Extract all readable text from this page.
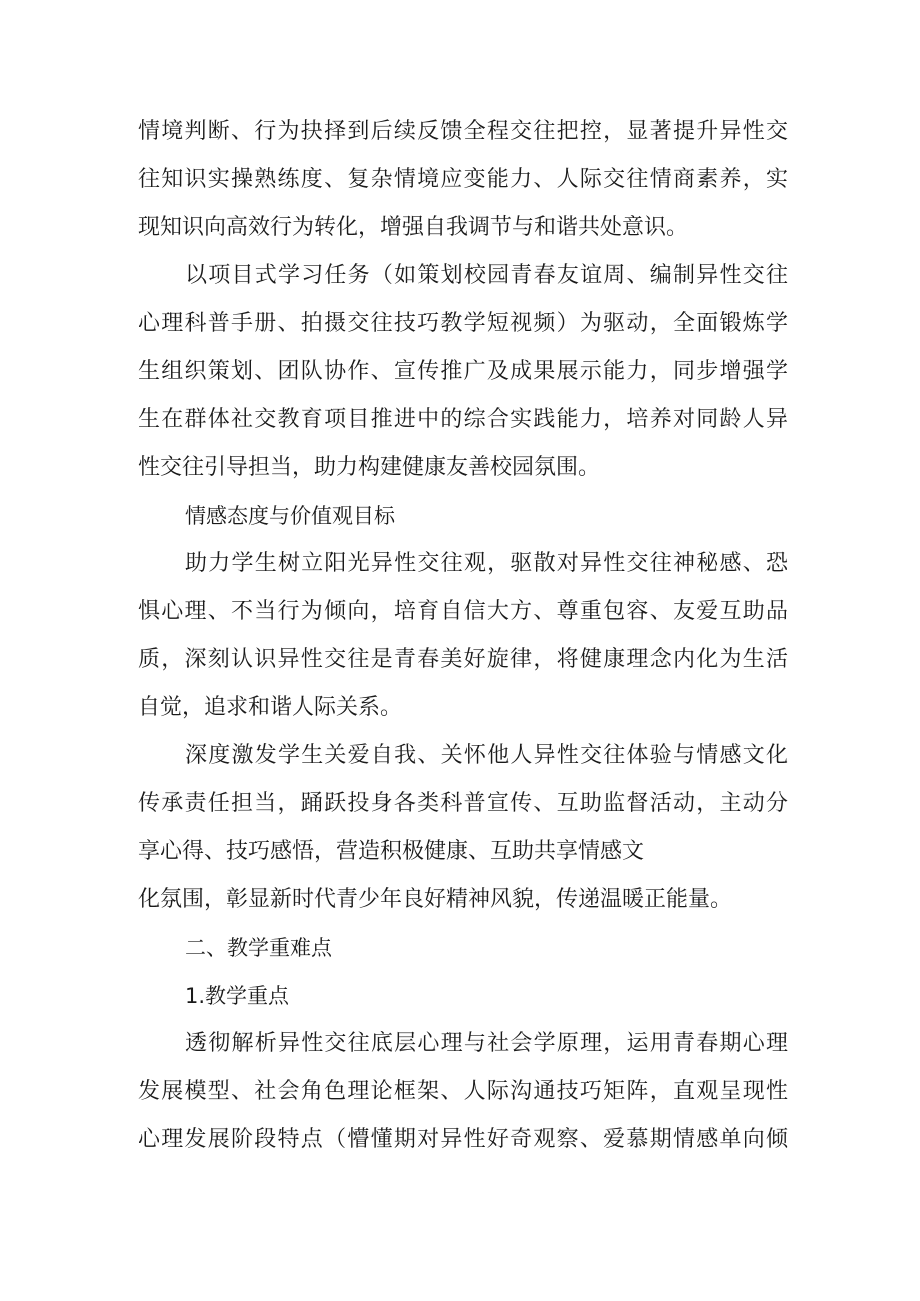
情境判断、行为抉择到后续反馈全程交往把控，显著提升异性交
往知识实操熟练度、复杂情境应变能力、人际交往情商素养，实
现知识向高效行为转化，增强自我调节与和谐共处意识。
以项目式学习任务（如策划校园青春友谊周、编制异性交往
心理科普手册、拍摄交往技巧教学短视频）为驱动，全面锻炼学
生组织策划、团队协作、宣传推广及成果展示能力，同步增强学
生在群体社交教育项目推进中的综合实践能力，培养对同龄人异
性交往引导担当，助力构建健康友善校园氛围。
情感态度与价值观目标
助力学生树立阳光异性交往观，驱散对异性交往神秘感、恐
惧心理、不当行为倾向，培育自信大方、尊重包容、友爱互助品
质，深刻认识异性交往是青春美好旋律，将健康理念内化为生活
自觉，追求和谐人际关系。
深度激发学生关爱自我、关怀他人异性交往体验与情感文化
传承责任担当，踊跃投身各类科普宣传、互助监督活动，主动分
享心得、技巧感悟，营造积极健康、互助共享情感文
化氛围，彰显新时代青少年良好精神风貌，传递温暖正能量。
二、教学重难点
1.教学重点
透彻解析异性交往底层心理与社会学原理，运用青春期心理
发展模型、社会角色理论框架、人际沟通技巧矩阵，直观呈现性
心理发展阶段特点（懵懂期对异性好奇观察、爱慕期情感单向倾
